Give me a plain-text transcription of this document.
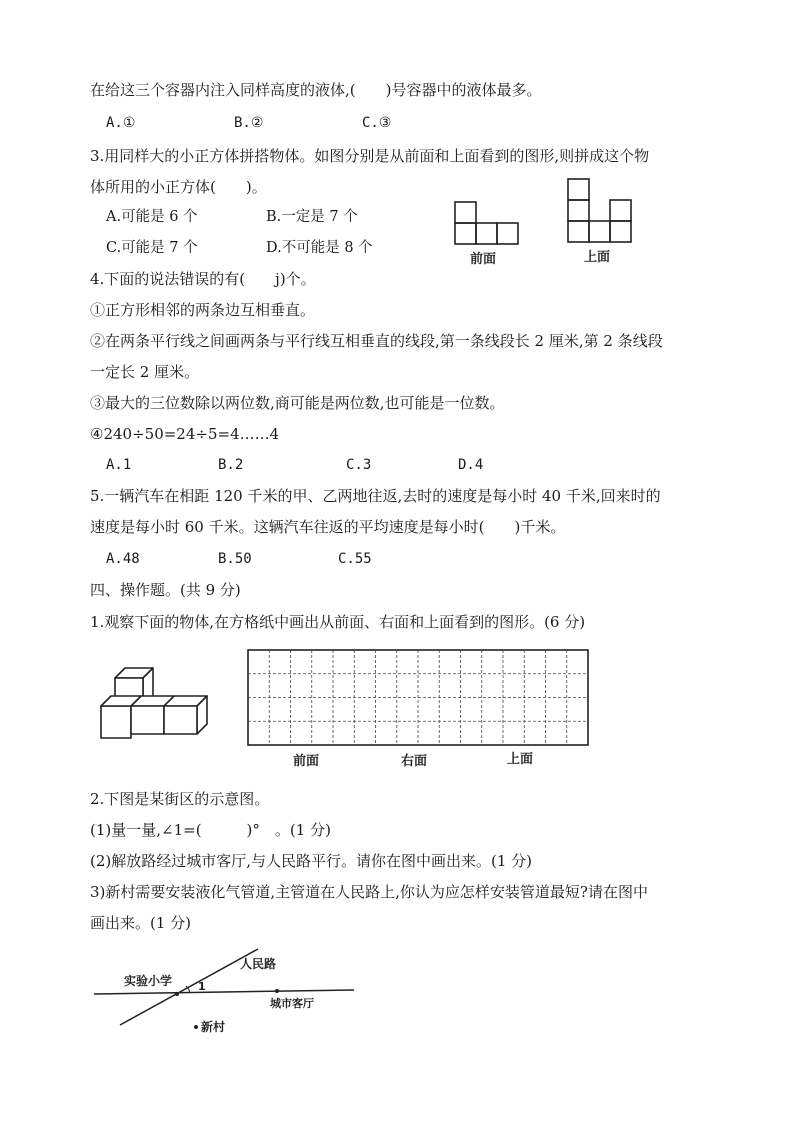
在给这三个容器内注入同样高度的液体,(　　)号容器中的液体最多。
A.①	B.②	C.③
3.用同样大的小正方体拼搭物体。如图分别是从前面和上面看到的图形,则拼成这个物
体所用的小正方体(　　)。
A.可能是 6 个	B.一定是 7 个
C.可能是 7 个	D.不可能是 8 个
前面	上面
4.下面的说法错误的有(　　j)个。
①正方形相邻的两条边互相垂直。
②在两条平行线之间画两条与平行线互相垂直的线段,第一条线段长 2 厘米,第 2 条线段
一定长 2 厘米。
③最大的三位数除以两位数,商可能是两位数,也可能是一位数。
④240÷50=24÷5=4……4
A.1	B.2	C.3	D.4
5.一辆汽车在相距 120 千米的甲、乙两地往返,去时的速度是每小时 40 千米,回来时的
速度是每小时 60 千米。这辆汽车往返的平均速度是每小时(　　)千米。
A.48	B.50	C.55
四、操作题。(共 9 分)
1.观察下面的物体,在方格纸中画出从前面、右面和上面看到的图形。(6 分)
前面	右面	上面
2.下图是某街区的示意图。
(1)量一量,∠1=(　　　)°　。(1 分)
(2)解放路经过城市客厅,与人民路平行。请你在图中画出来。(1 分)
3)新村需要安装液化气管道,主管道在人民路上,你认为应怎样安装管道最短?请在图中
画出来。(1 分)
实验小学
人民路
1
城市客厅
新村
